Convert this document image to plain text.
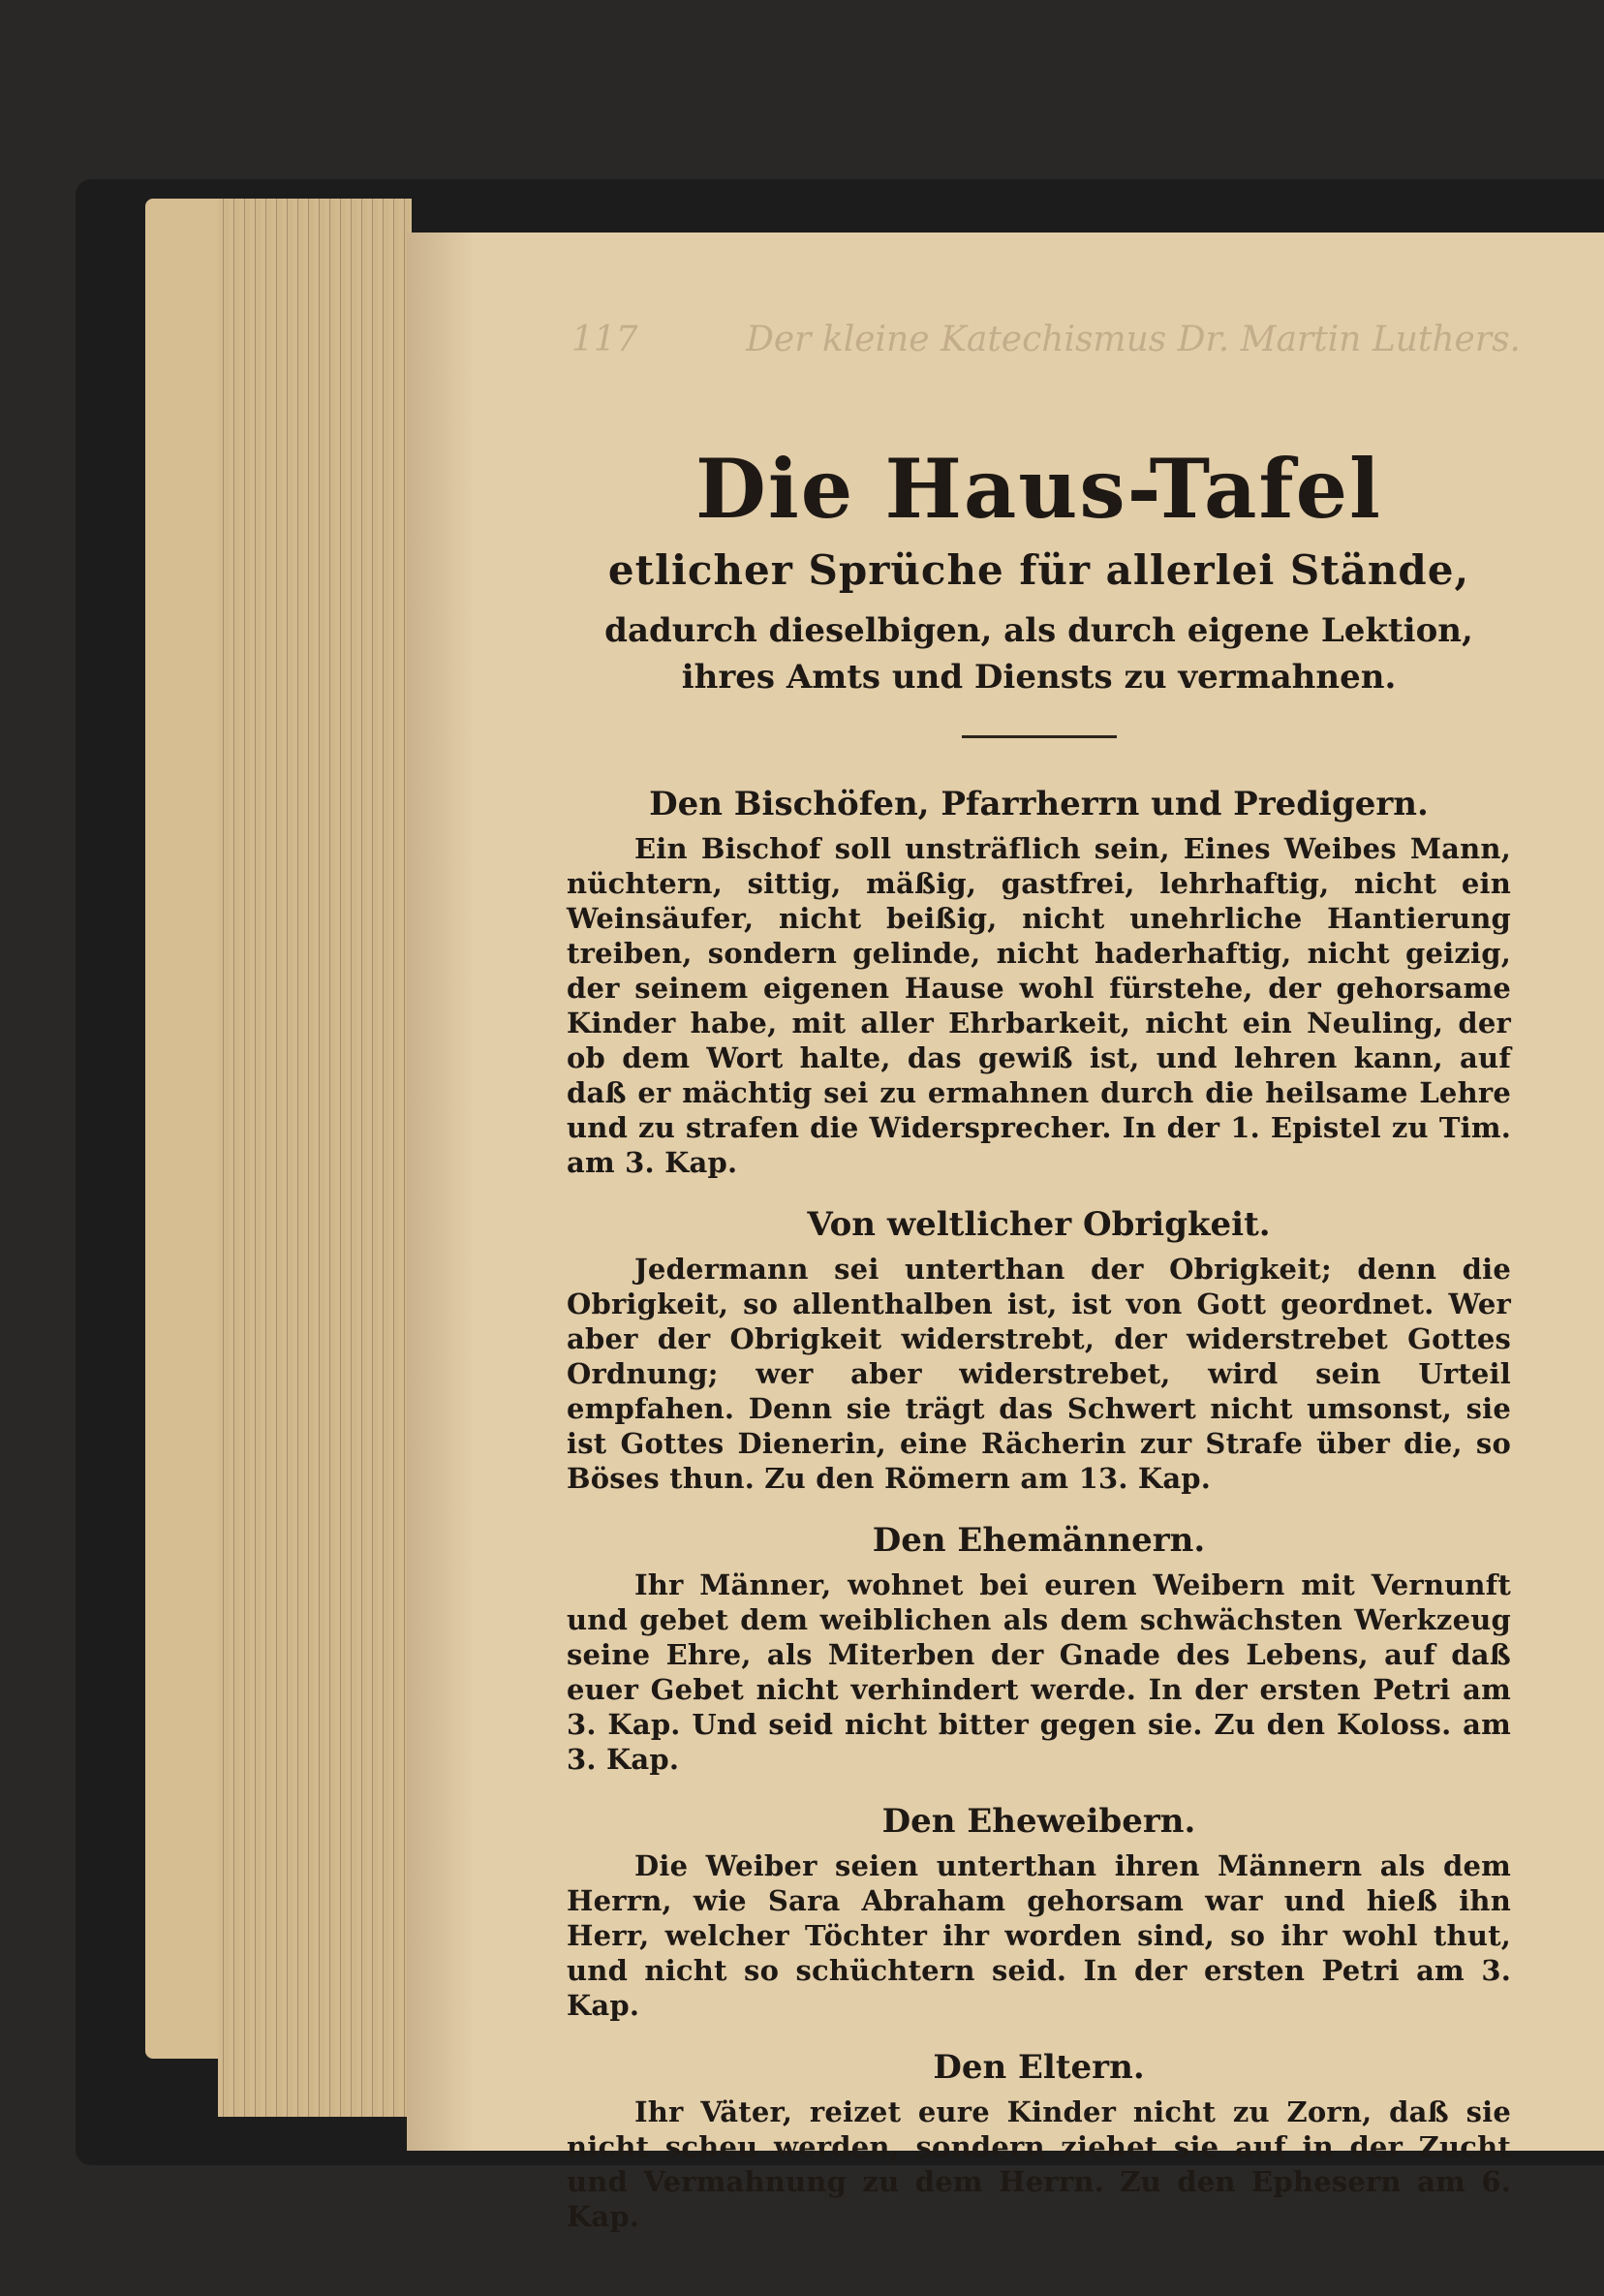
117	Der kleine Katechismus Dr. Martin Luthers.
Die Haus-Tafel

etlicher Sprüche für allerlei Stände,

dadurch dieselbigen, als durch eigene Lektion, ihres Amts und Diensts zu vermahnen.

Den Bischöfen, Pfarrherrn und Predigern.

Ein Bischof soll unsträflich sein, Eines Weibes Mann, nüchtern, sittig, mäßig, gastfrei, lehrhaftig, nicht ein Weinsäufer, nicht beißig, nicht unehrliche Hantierung treiben, sondern gelinde, nicht haderhaftig, nicht geizig, der seinem eigenen Hause wohl fürstehe, der gehorsame Kinder habe, mit aller Ehrbarkeit, nicht ein Neuling, der ob dem Wort halte, das gewiß ist, und lehren kann, auf daß er mächtig sei zu ermahnen durch die heilsame Lehre und zu strafen die Widersprecher. In der 1. Epistel zu Tim. am 3. Kap.

Von weltlicher Obrigkeit.

Jedermann sei unterthan der Obrigkeit; denn die Obrigkeit, so allenthalben ist, ist von Gott geordnet. Wer aber der Obrigkeit widerstrebt, der widerstrebet Gottes Ordnung; wer aber widerstrebet, wird sein Urteil empfahen. Denn sie trägt das Schwert nicht umsonst, sie ist Gottes Dienerin, eine Rächerin zur Strafe über die, so Böses thun. Zu den Römern am 13. Kap.

Den Ehemännern.

Ihr Männer, wohnet bei euren Weibern mit Vernunft und gebet dem weiblichen als dem schwächsten Werkzeug seine Ehre, als Miterben der Gnade des Lebens, auf daß euer Gebet nicht verhindert werde. In der ersten Petri am 3. Kap. Und seid nicht bitter gegen sie. Zu den Koloss. am 3. Kap.

Den Eheweibern.

Die Weiber seien unterthan ihren Männern als dem Herrn, wie Sara Abraham gehorsam war und hieß ihn Herr, welcher Töchter ihr worden sind, so ihr wohl thut, und nicht so schüchtern seid. In der ersten Petri am 3. Kap.

Den Eltern.

Ihr Väter, reizet eure Kinder nicht zu Zorn, daß sie nicht scheu werden, sondern ziehet sie auf in der Zucht und Vermahnung zu dem Herrn. Zu den Ephesern am 6. Kap.
